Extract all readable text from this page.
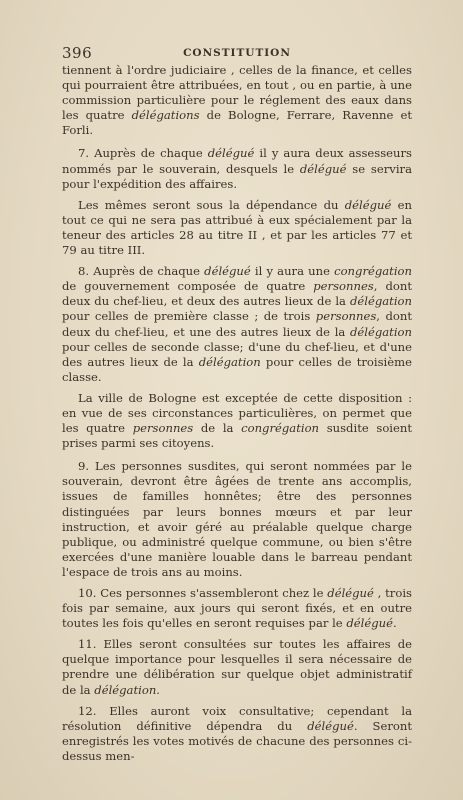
396	CONSTITUTION

tiennent à l'ordre judiciaire , celles de la finance, et celles qui pourraient être attribuées, en tout , ou en partie, à une commission particulière pour le réglement des eaux dans les quatre délégations de Bologne, Ferrare, Ravenne et Forli.

7. Auprès de chaque délégué il y aura deux assesseurs nommés par le souverain, desquels le délégué se servira pour l'expédition des affaires.

Les mêmes seront sous la dépendance du délégué en tout ce qui ne sera pas attribué à eux spécialement par la teneur des articles 28 au titre II , et par les articles 77 et 79 au titre III.

8. Auprès de chaque délégué il y aura une congrégation de gouvernement composée de quatre personnes, dont deux du chef-lieu, et deux des autres lieux de la délégation pour celles de première classe ; de trois personnes, dont deux du chef-lieu, et une des autres lieux de la délégation pour celles de seconde classe; d'une du chef-lieu, et d'une des autres lieux de la délégation pour celles de troisième classe.

La ville de Bologne est exceptée de cette disposition : en vue de ses circonstances particulières, on permet que les quatre personnes de la congrégation susdite soient prises parmi ses citoyens.

9. Les personnes susdites, qui seront nommées par le souverain, devront être âgées de trente ans accomplis, issues de familles honnêtes; être des personnes distinguées par leurs bonnes mœurs et par leur instruction, et avoir géré au préalable quelque charge publique, ou administré quelque commune, ou bien s'être exercées d'une manière louable dans le barreau pendant l'espace de trois ans au moins.

10. Ces personnes s'assembleront chez le délégué , trois fois par semaine, aux jours qui seront fixés, et en outre toutes les fois qu'elles en seront requises par le délégué.

11. Elles seront consultées sur toutes les affaires de quelque importance pour lesquelles il sera nécessaire de prendre une délibération sur quelque objet administratif de la délégation.

12. Elles auront voix consultative; cependant la résolution définitive dépendra du délégué. Seront enregistrés les votes motivés de chacune des personnes ci-dessus men-
